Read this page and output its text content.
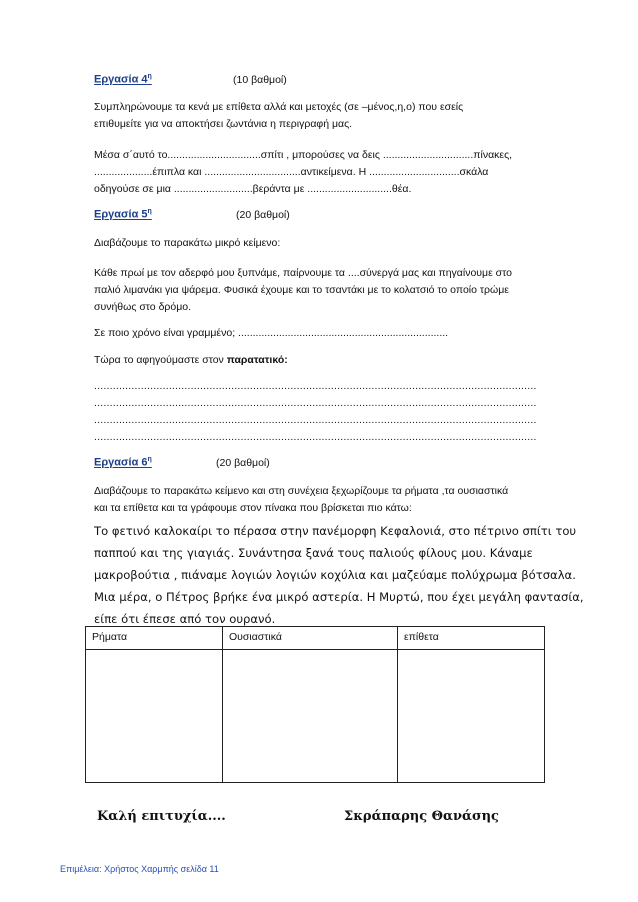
Εργασία $4^\eta$	(10 βαθμοί)
Συμπληρώνουμε τα κενά με επίθετα αλλά και μετοχές (σε –μένος,η,ο) που εσείς
επιθυμείτε για να αποκτήσει ζωντάνια η περιγραφή μας.
Μέσα σ΄αυτό το................................σπίτι , μπορούσες να δεις ...............................πίνακες,
....................έπιπλα και .................................αντικείμενα. Η ...............................σκάλα
οδηγούσε σε μια ...........................βεράντα με .............................θέα.
Εργασία $5^\eta$	(20 βαθμοί)
Διαβάζουμε το παρακάτω μικρό κείμενο:
Κάθε πρωί με τον αδερφό μου ξυπνάμε, παίρνουμε τα ....σύνεργά μας και πηγαίνουμε στο
παλιό λιμανάκι για ψάρεμα. Φυσικά έχουμε και το τσαντάκι με το κολατσιό το οποίο τρώμε
συνήθως στο δρόμο.
Σε ποιο χρόνο είναι γραμμένο; ........................................................................
Τώρα το αφηγούμαστε στον παρατατικό:
..............................................................................................................................................
..............................................................................................................................................
..............................................................................................................................................
..............................................................................................................................................
Εργασία $6^\eta$	(20 βαθμοί)
Διαβάζουμε το παρακάτω κείμενο και στη συνέχεια ξεχωρίζουμε τα ρήματα ,τα ουσιαστικά
και τα επίθετα και τα γράφουμε στον πίνακα που βρίσκεται πιο κάτω:
Το φετινό καλοκαίρι το πέρασα στην πανέμορφη Κεφαλονιά, στο πέτρινο σπίτι του
παππού και της γιαγιάς. Συνάντησα ξανά τους παλιούς φίλους μου. Κάναμε
μακροβούτια , πιάναμε λογιών λογιών κοχύλια και μαζεύαμε πολύχρωμα βότσαλα.
Μια μέρα, ο Πέτρος βρήκε ένα μικρό αστερία. Η Μυρτώ, που έχει μεγάλη φαντασία,
είπε ότι έπεσε από τον ουρανό.
Ρήματα	Ουσιαστικά	επίθετα

Καλή επιτυχία....	Σκράπαρης Θανάσης
Επιμέλεια: Χρήστος Χαρμπής σελίδα 11
